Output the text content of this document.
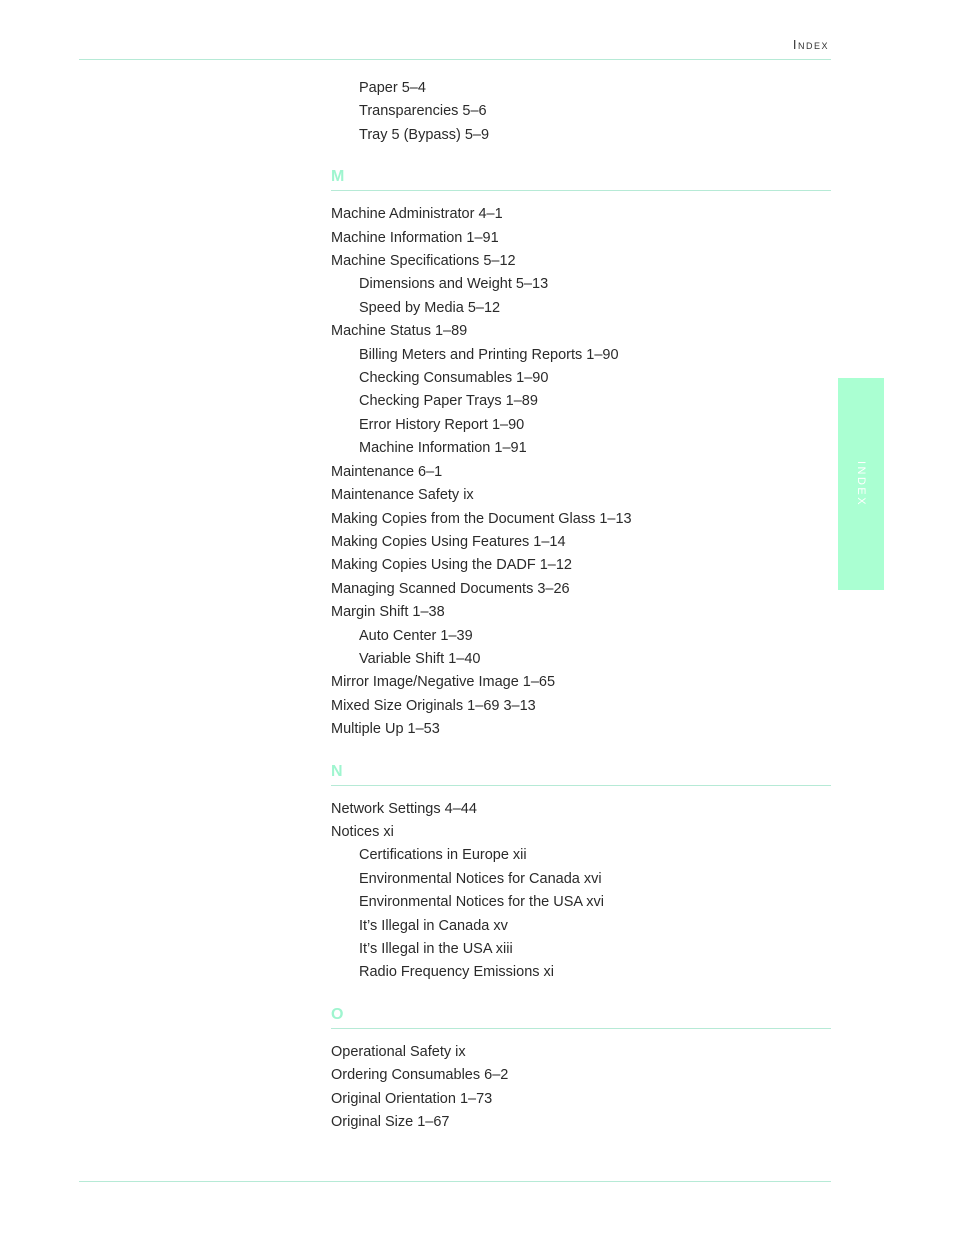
Index
INDEX
Paper 5–4
Transparencies 5–6
Tray 5 (Bypass) 5–9
M
Machine Administrator 4–1
Machine Information 1–91
Machine Specifications 5–12
Dimensions and Weight 5–13
Speed by Media 5–12
Machine Status 1–89
Billing Meters and Printing Reports 1–90
Checking Consumables 1–90
Checking Paper Trays 1–89
Error History Report 1–90
Machine Information 1–91
Maintenance 6–1
Maintenance Safety ix
Making Copies from the Document Glass 1–13
Making Copies Using Features 1–14
Making Copies Using the DADF 1–12
Managing Scanned Documents 3–26
Margin Shift 1–38
Auto Center 1–39
Variable Shift 1–40
Mirror Image/Negative Image 1–65
Mixed Size Originals 1–69 3–13
Multiple Up 1–53
N
Network Settings 4–44
Notices xi
Certifications in Europe xii
Environmental Notices for Canada xvi
Environmental Notices for the USA xvi
It’s Illegal in Canada xv
It’s Illegal in the USA xiii
Radio Frequency Emissions xi
O
Operational Safety ix
Ordering Consumables 6–2
Original Orientation 1–73
Original Size 1–67
